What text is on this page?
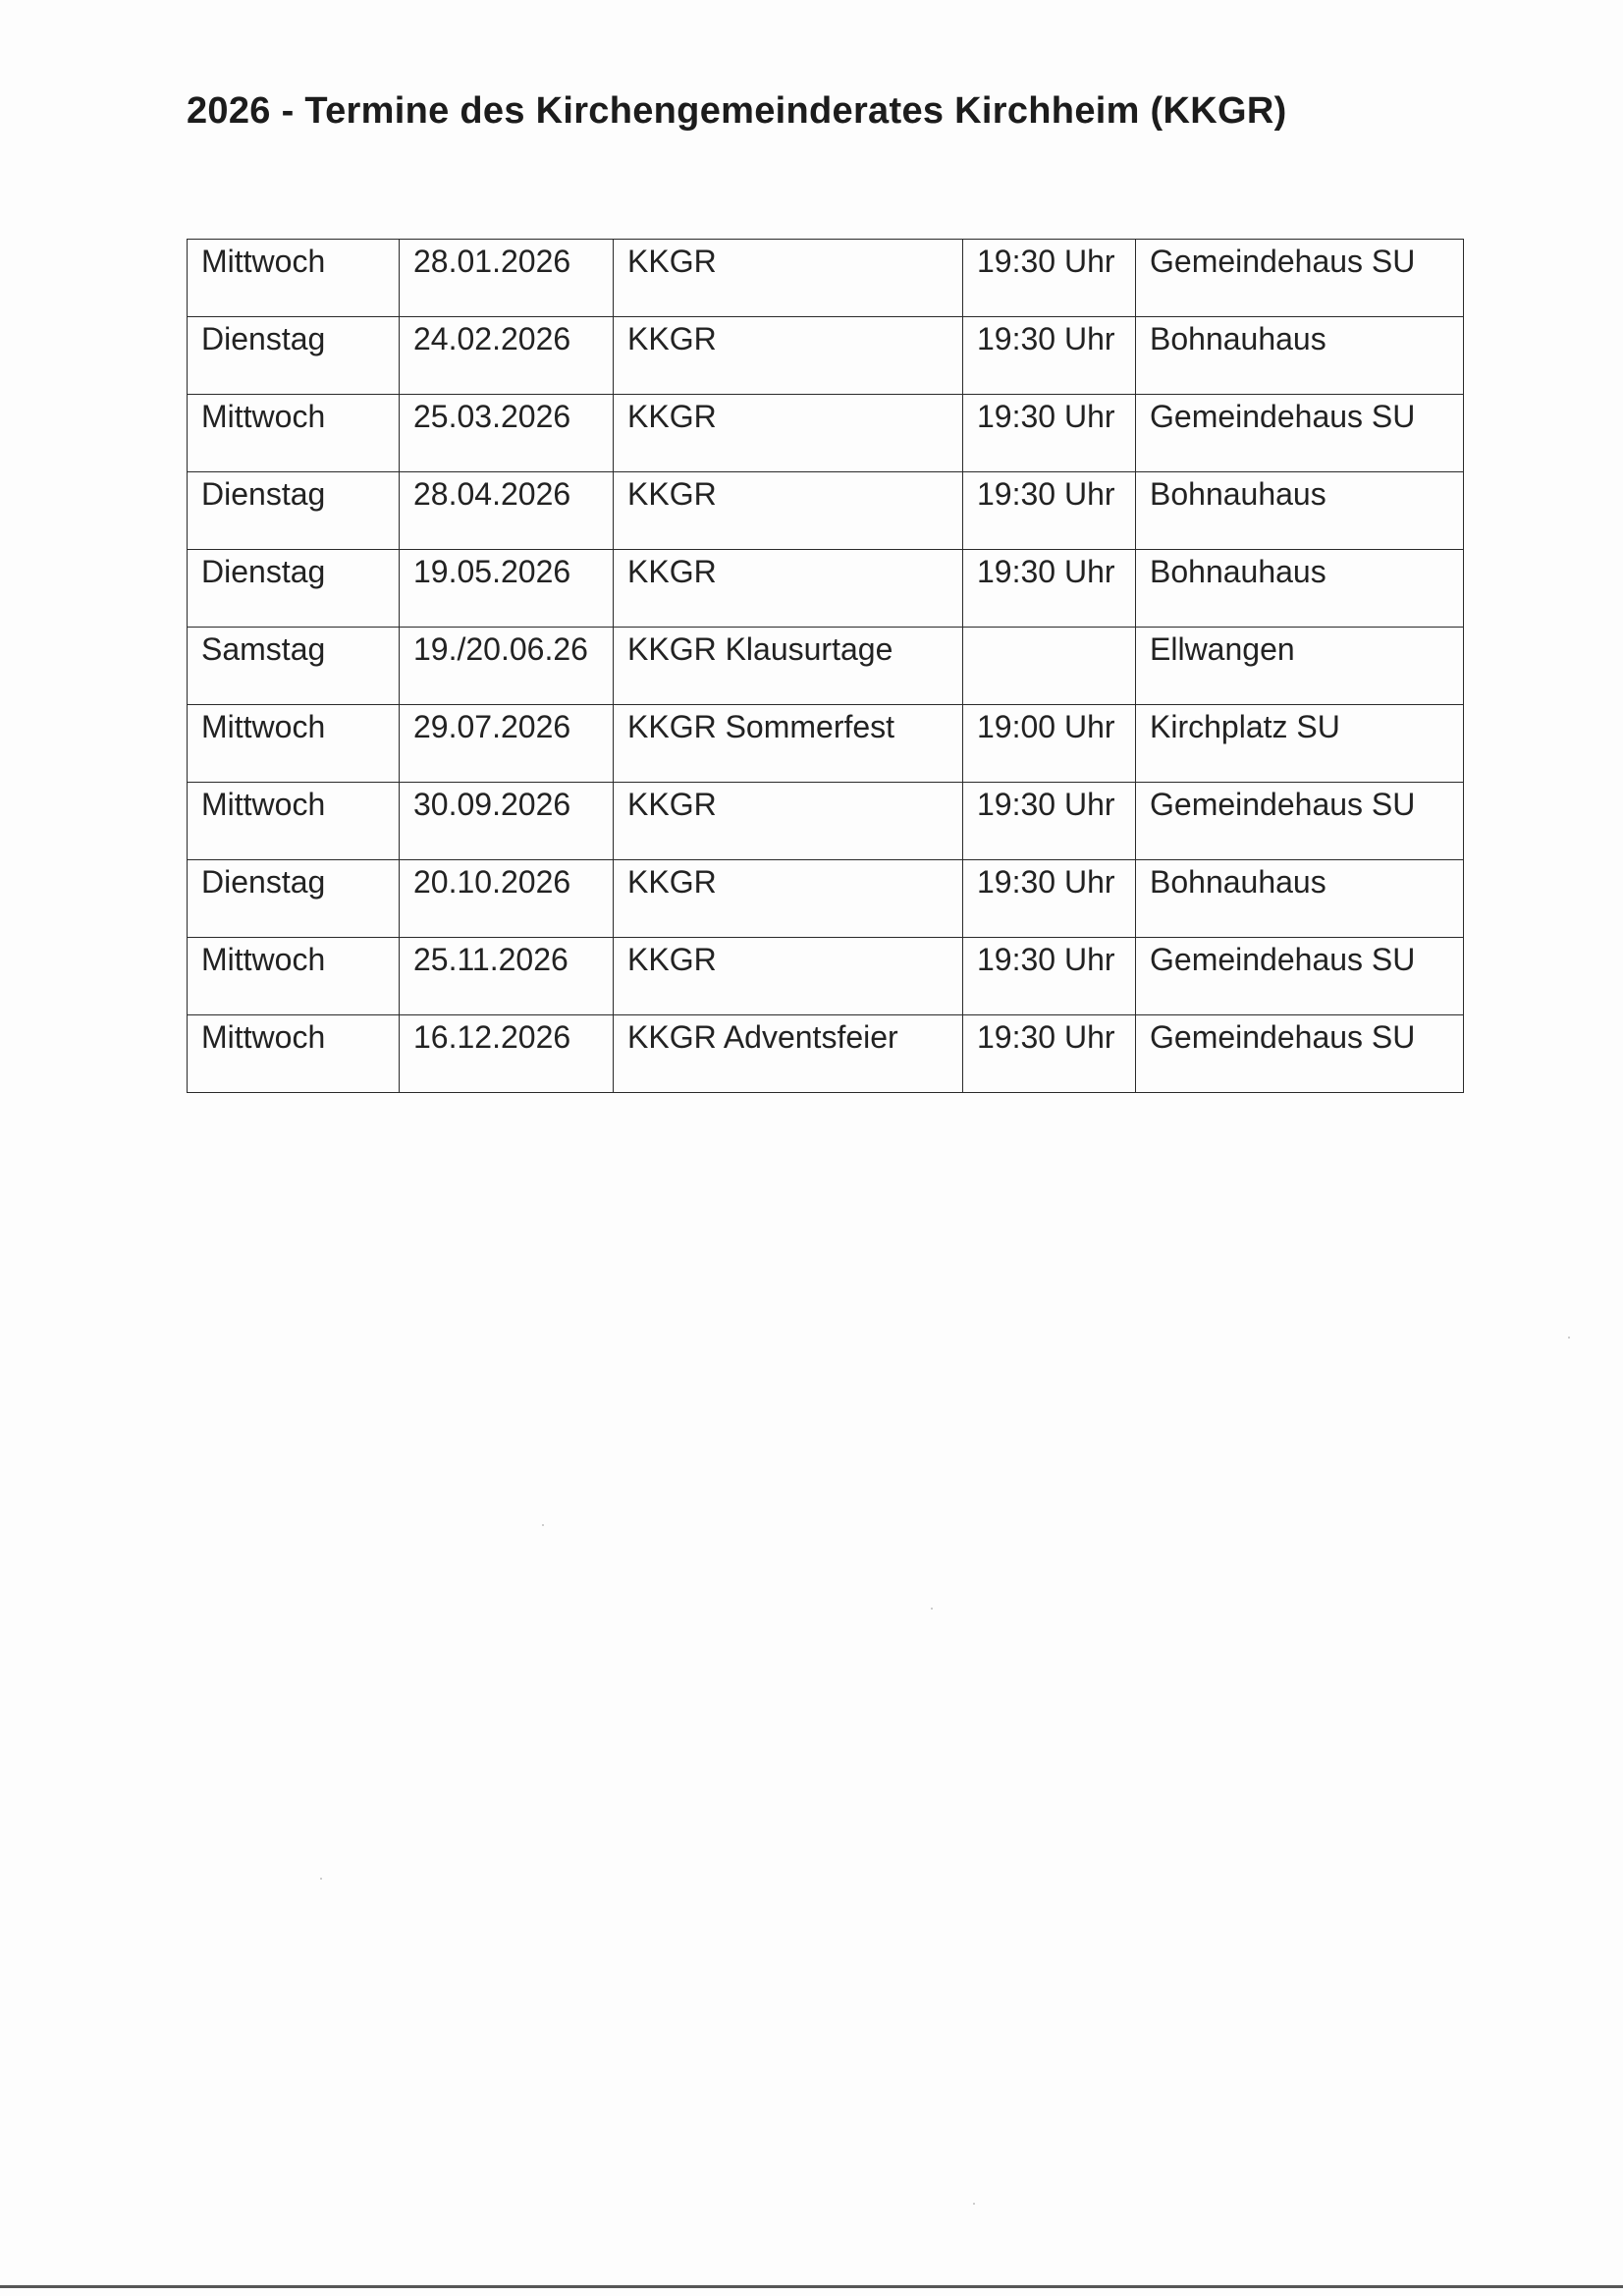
2026 - Termine des Kirchengemeinderates Kirchheim (KKGR)
Mittwoch	28.01.2026	KKGR	19:30 Uhr	Gemeindehaus SU
Dienstag	24.02.2026	KKGR	19:30 Uhr	Bohnauhaus
Mittwoch	25.03.2026	KKGR	19:30 Uhr	Gemeindehaus SU
Dienstag	28.04.2026	KKGR	19:30 Uhr	Bohnauhaus
Dienstag	19.05.2026	KKGR	19:30 Uhr	Bohnauhaus
Samstag	19./20.06.26	KKGR Klausurtage		Ellwangen
Mittwoch	29.07.2026	KKGR Sommerfest	19:00 Uhr	Kirchplatz SU
Mittwoch	30.09.2026	KKGR	19:30 Uhr	Gemeindehaus SU
Dienstag	20.10.2026	KKGR	19:30 Uhr	Bohnauhaus
Mittwoch	25.11.2026	KKGR	19:30 Uhr	Gemeindehaus SU
Mittwoch	16.12.2026	KKGR Adventsfeier	19:30 Uhr	Gemeindehaus SU
